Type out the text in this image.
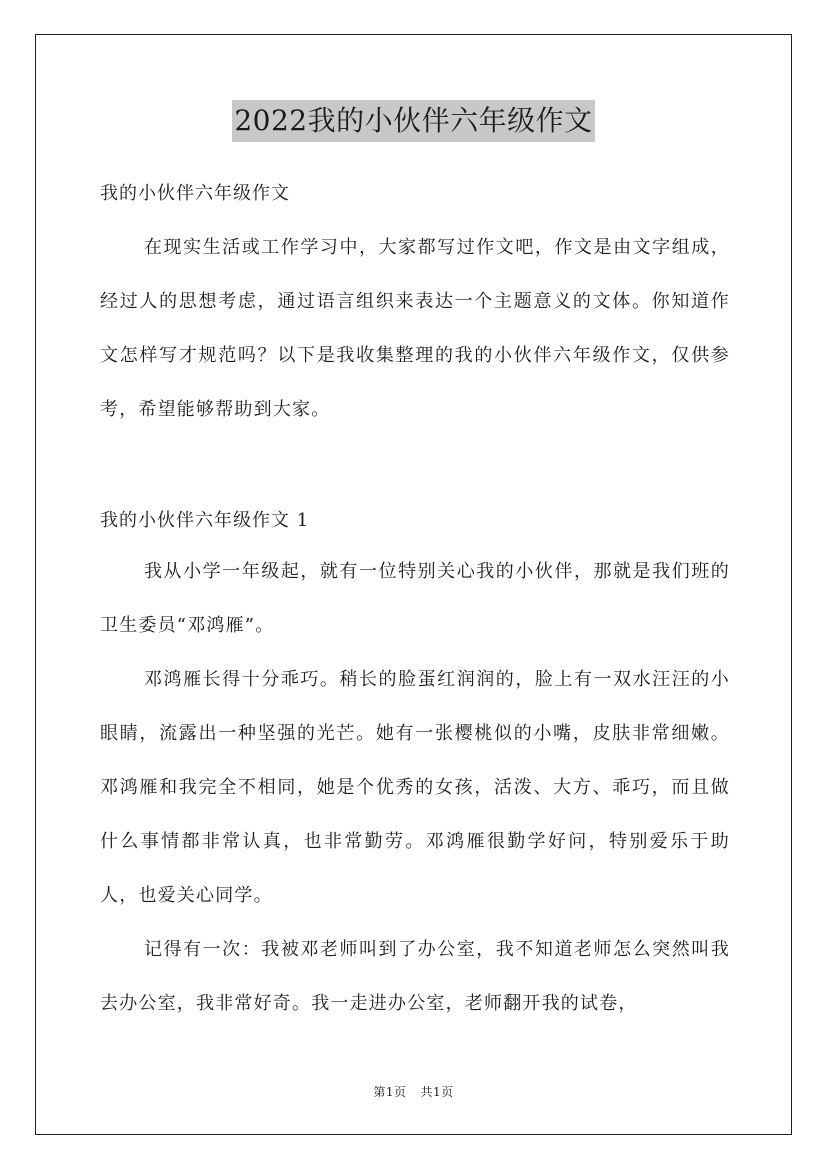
2022我的小伙伴六年级作文
我的小伙伴六年级作文
在现实生活或工作学习中，大家都写过作文吧，作文是由文字组成，经过人的思想考虑，通过语言组织来表达一个主题意义的文体。你知道作文怎样写才规范吗？以下是我收集整理的我的小伙伴六年级作文，仅供参考，希望能够帮助到大家。
我的小伙伴六年级作文 1
我从小学一年级起，就有一位特别关心我的小伙伴，那就是我们班的卫生委员“邓鸿雁”。
邓鸿雁长得十分乖巧。稍长的脸蛋红润润的，脸上有一双水汪汪的小眼睛，流露出一种坚强的光芒。她有一张樱桃似的小嘴，皮肤非常细嫩。邓鸿雁和我完全不相同，她是个优秀的女孩，活泼、大方、乖巧，而且做什么事情都非常认真，也非常勤劳。邓鸿雁很勤学好问，特别爱乐于助人，也爱关心同学。
记得有一次：我被邓老师叫到了办公室，我不知道老师怎么突然叫我去办公室，我非常好奇。我一走进办公室，老师翻开我的试卷，
第1页 共1页
